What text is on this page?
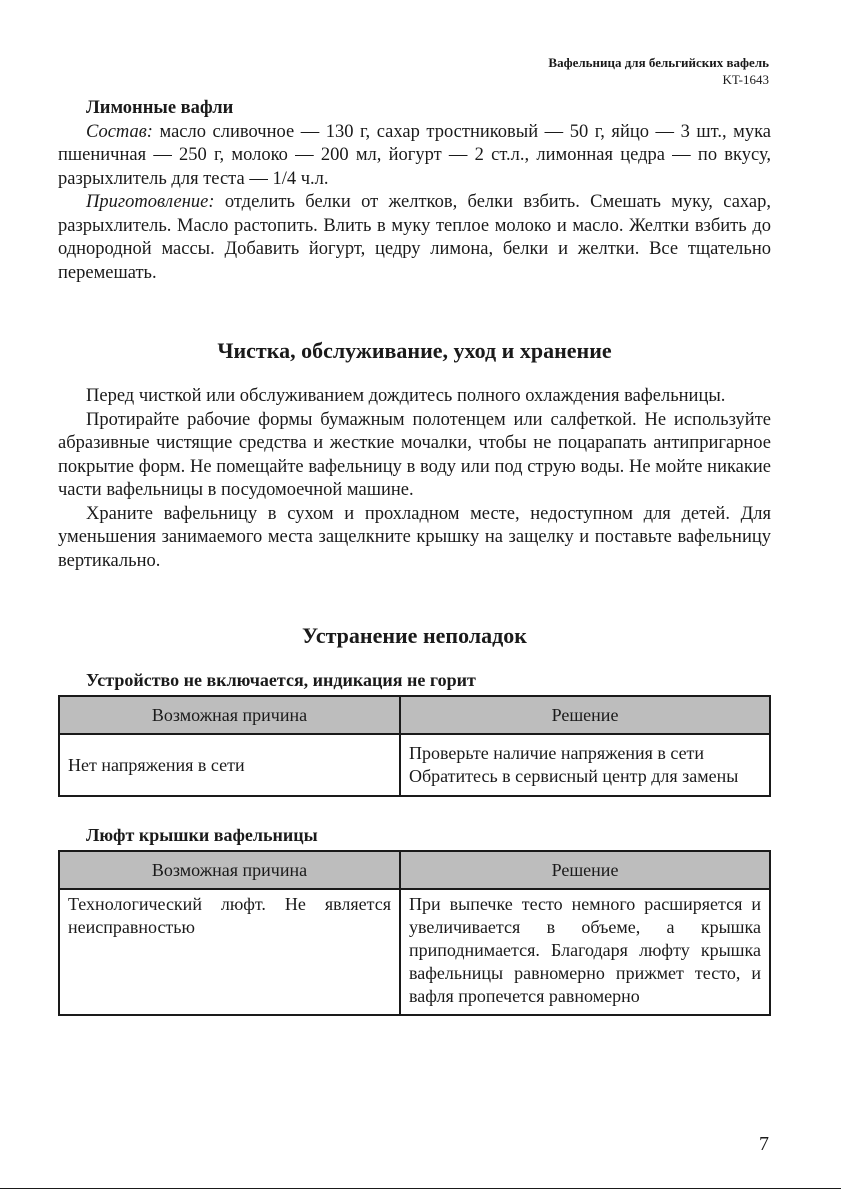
Вафельница для бельгийских вафель
KT-1643
Лимонные вафли

Состав: масло сливочное — 130 г, сахар тростниковый — 50 г, яйцо — 3 шт., мука пшеничная — 250 г, молоко — 200 мл, йогурт — 2 ст.л., лимонная цедра — по вкусу, разрыхлитель для теста — 1/4 ч.л.

Приготовление: отделить белки от желтков, белки взбить. Смешать муку, сахар, разрыхлитель. Масло растопить. Влить в муку теплое молоко и масло. Желтки взбить до однородной массы. Добавить йогурт, цедру лимона, белки и желтки. Все тщательно перемешать.

Чистка, обслуживание, уход и хранение

Перед чисткой или обслуживанием дождитесь полного охлаждения вафельницы.

Протирайте рабочие формы бумажным полотенцем или салфеткой. Не используйте абразивные чистящие средства и жесткие мочалки, чтобы не поцарапать антипригарное покрытие форм. Не помещайте вафельницу в воду или под струю воды. Не мойте никакие части вафельницы в посудомоечной машине.

Храните вафельницу в сухом и прохладном месте, недоступном для детей. Для уменьшения занимаемого места защелкните крышку на защелку и поставьте вафельницу вертикально.

Устранение неполадок
Устройство не включается, индикация не горит
Возможная причина	Решение
Нет напряжения в сети	Проверьте наличие напряжения в сети Обратитесь в сервисный центр для замены
Люфт крышки вафельницы
Возможная причина	Решение
Технологический люфт. Не является неисправностью	При выпечке тесто немного расширяется и увеличивается в объеме, а крышка приподнимается. Благодаря люфту крышка вафельницы равномерно прижмет тесто, и вафля пропечется равномерно
7
